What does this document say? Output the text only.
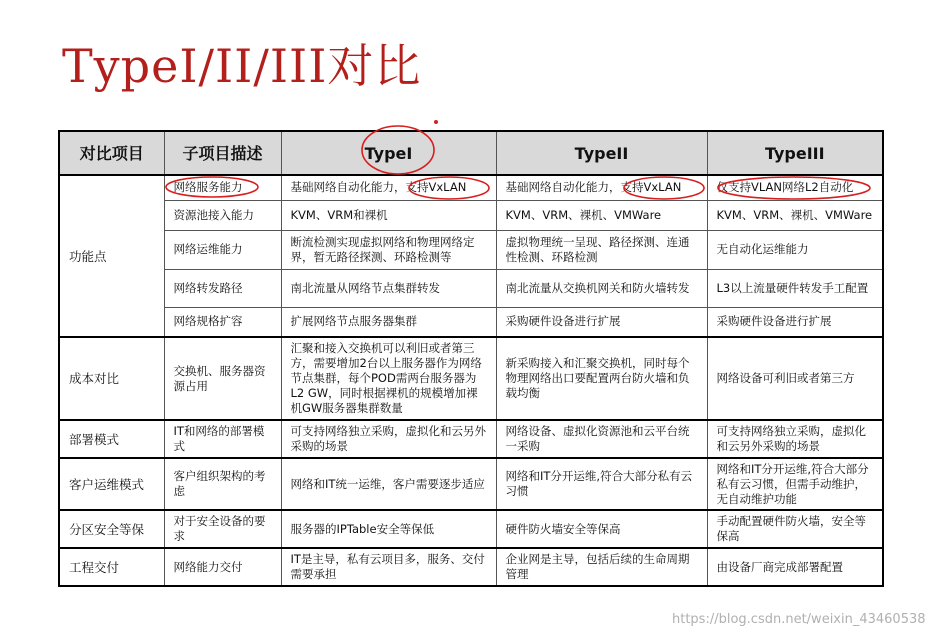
TypeI/II/III对比
对比项目	子项目描述	TypeI	TypeII	TypeIII
功能点	网络服务能力	基础网络自动化能力，支持VxLAN	基础网络自动化能力，支持VxLAN	仅支持VLAN网络L2自动化
	资源池接入能力	KVM、VRM和裸机	KVM、VRM、裸机、VMWare	KVM、VRM、裸机、VMWare
	网络运维能力	断流检测实现虚拟网络和物理网络定界，暂无路径探测、环路检测等	虚拟物理统一呈现、路径探测、连通性检测、环路检测	无自动化运维能力
	网络转发路径	南北流量从网络节点集群转发	南北流量从交换机网关和防火墙转发	L3以上流量硬件转发手工配置
	网络规格扩容	扩展网络节点服务器集群	采购硬件设备进行扩展	采购硬件设备进行扩展
成本对比	交换机、服务器资源占用	汇聚和接入交换机可以利旧或者第三方，需要增加2台以上服务器作为网络节点集群，每个POD需两台服务器为L2 GW，同时根据裸机的规模增加裸机GW服务器集群数量	新采购接入和汇聚交换机，同时每个物理网络出口要配置两台防火墙和负载均衡	网络设备可利旧或者第三方
部署模式	IT和网络的部署模式	可支持网络独立采购，虚拟化和云另外采购的场景	网络设备、虚拟化资源池和云平台统一采购	可支持网络独立采购，虚拟化和云另外采购的场景
客户运维模式	客户组织架构的考虑	网络和IT统一运维，客户需要逐步适应	网络和IT分开运维,符合大部分私有云习惯	网络和IT分开运维,符合大部分私有云习惯，但需手动维护，无自动维护功能
分区安全等保	对于安全设备的要求	服务器的IPTable安全等保低	硬件防火墙安全等保高	手动配置硬件防火墙，安全等保高
工程交付	网络能力交付	IT是主导，私有云项目多，服务、交付需要承担	企业网是主导，包括后续的生命周期管理	由设备厂商完成部署配置
https://blog.csdn.net/weixin_43460538
